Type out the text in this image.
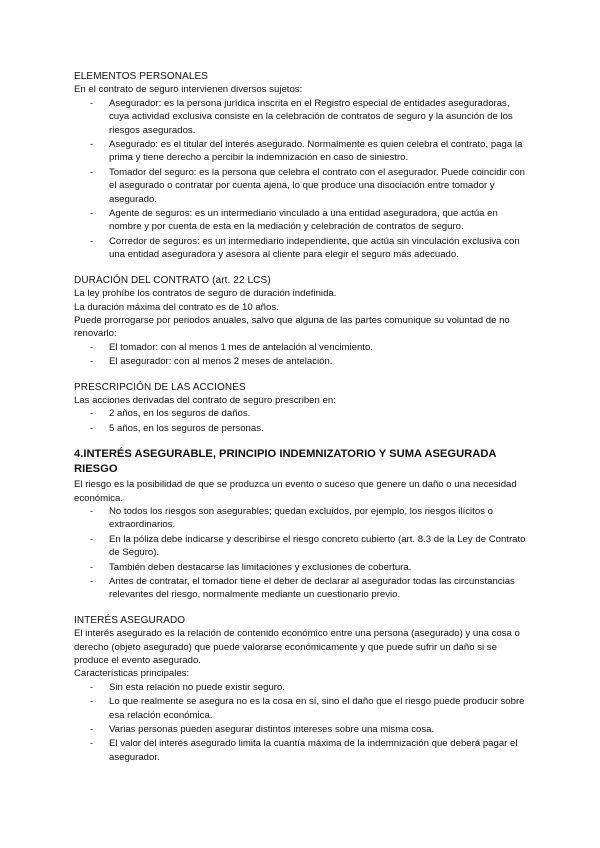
ELEMENTOS PERSONALES

En el contrato de seguro intervienen diversos sujetos:

- Asegurador: es la persona jurídica inscrita en el Registro especial de entidades aseguradoras, cuya actividad exclusiva consiste en la celebración de contratos de seguro y la asunción de los riesgos asegurados.
- Asegurado: es el titular del interés asegurado. Normalmente es quien celebra el contrato, paga la prima y tiene derecho a percibir la indemnización en caso de siniestro.
- Tomador del seguro: es la persona que celebra el contrato con el asegurador. Puede coincidir con el asegurado o contratar por cuenta ajena, lo que produce una disociación entre tomador y asegurado.
- Agente de seguros: es un intermediario vinculado a una entidad aseguradora, que actúa en nombre y por cuenta de esta en la mediación y celebración de contratos de seguro.
- Corredor de seguros: es un intermediario independiente, que actúa sin vinculación exclusiva con una entidad aseguradora y asesora al cliente para elegir el seguro más adecuado.
DURACIÓN DEL CONTRATO (art. 22 LCS)

La ley prohíbe los contratos de seguro de duración indefinida.

La duración máxima del contrato es de 10 años.

Puede prorrogarse por periodos anuales, salvo que alguna de las partes comunique su voluntad de no renovarlo:

- El tomador: con al menos 1 mes de antelación al vencimiento.
- El asegurador: con al menos 2 meses de antelación.
PRESCRIPCIÓN DE LAS ACCIONES

Las acciones derivadas del contrato de seguro prescriben en:

- 2 años, en los seguros de daños.
- 5 años, en los seguros de personas.
4.INTERÉS ASEGURABLE, PRINCIPIO INDEMNIZATORIO Y SUMA ASEGURADA RIESGO

El riesgo es la posibilidad de que se produzca un evento o suceso que genere un daño o una necesidad económica.

- No todos los riesgos son asegurables; quedan excluidos, por ejemplo, los riesgos ilícitos o extraordinarios.
- En la póliza debe indicarse y describirse el riesgo concreto cubierto (art. 8.3 de la Ley de Contrato de Seguro).
- También deben destacarse las limitaciones y exclusiones de cobertura.
- Antes de contratar, el tomador tiene el deber de declarar al asegurador todas las circunstancias relevantes del riesgo, normalmente mediante un cuestionario previo.
INTERÉS ASEGURADO

El interés asegurado es la relación de contenido económico entre una persona (asegurado) y una cosa o derecho (objeto asegurado) que puede valorarse económicamente y que puede sufrir un daño si se produce el evento asegurado.

Características principales:

- Sin esta relación no puede existir seguro.
- Lo que realmente se asegura no es la cosa en sí, sino el daño que el riesgo puede producir sobre esa relación económica.
- Varias personas pueden asegurar distintos intereses sobre una misma cosa.
- El valor del interés asegurado limita la cuantía máxima de la indemnización que deberá pagar el asegurador.
